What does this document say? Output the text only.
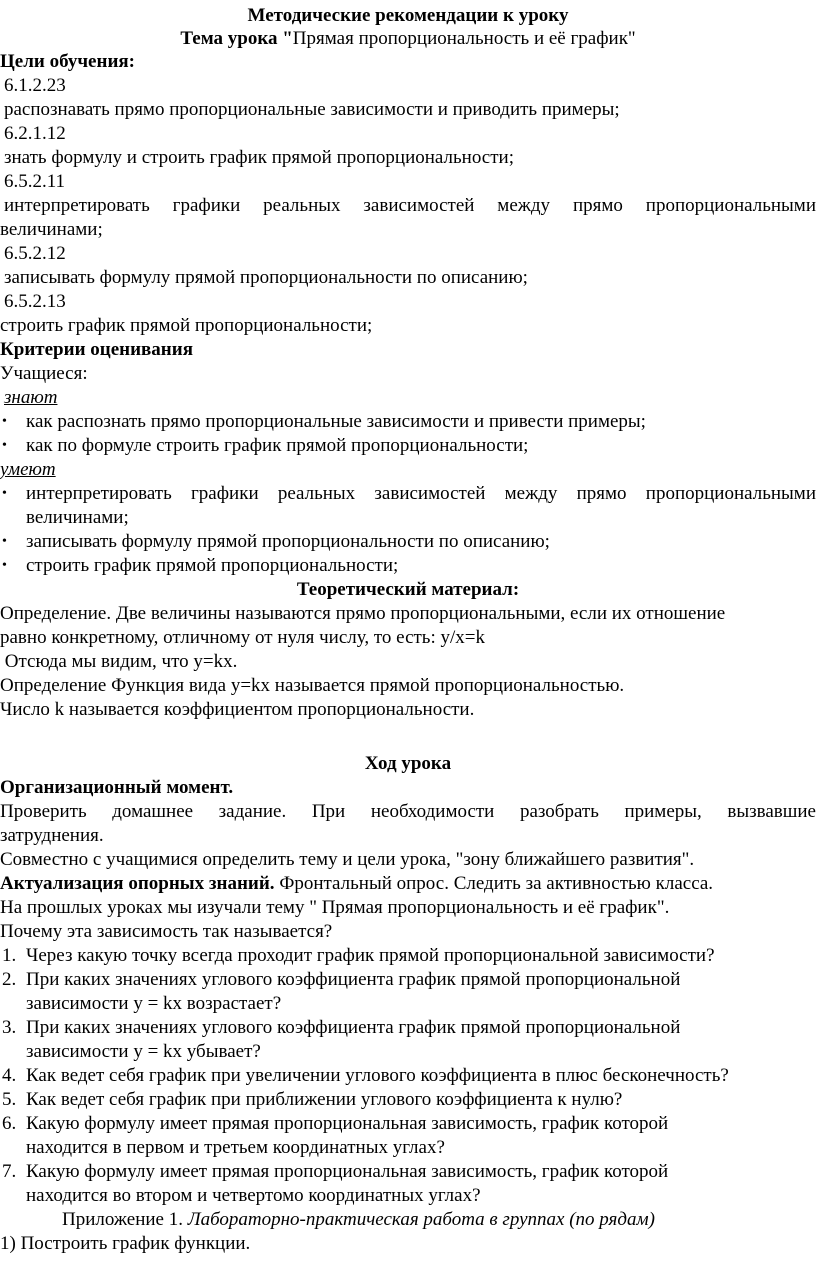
Методические рекомендации к уроку
Тема урока "Прямая пропорциональность и её график"
Цели обучения:
6.1.2.23
распознавать прямо пропорциональные зависимости и приводить примеры;
6.2.1.12
знать формулу и строить график прямой пропорциональности;
6.5.2.11
интерпретировать графики реальных зависимостей между прямо пропорциональными
величинами;
6.5.2.12
записывать формулу прямой пропорциональности по описанию;
6.5.2.13
строить график прямой пропорциональности;
Критерии оценивания
Учащиеся:
знают
• как распознать прямо пропорциональные зависимости и привести примеры;
• как по формуле строить график прямой пропорциональности;
умеют
• интерпретировать графики реальных зависимостей между прямо пропорциональными
величинами;
• записывать формулу прямой пропорциональности по описанию;
• строить график прямой пропорциональности;
Теоретический материал:
Определение. Две величины называются прямо пропорциональными, если их отношение
равно конкретному, отличному от нуля числу, то есть: y/x=k
Отсюда мы видим, что y=kx.
Определение Функция вида y=kx называется прямой пропорциональностью.
Число k называется коэффициентом пропорциональности.
Ход урока
Организационный момент.
Проверить домашнее задание. При необходимости разобрать примеры, вызвавшие
затруднения.
Совместно с учащимися определить тему и цели урока, "зону ближайшего развития".
Актуализация опорных знаний. Фронтальный опрос. Следить за активностью класса.
На прошлых уроках мы изучали тему " Прямая пропорциональность и её график".
Почему эта зависимость так называется?
1. Через какую точку всегда проходит график прямой пропорциональной зависимости?
2. При каких значениях углового коэффициента график прямой пропорциональной
зависимости y = kx возрастает?
3. При каких значениях углового коэффициента график прямой пропорциональной
зависимости y = kx убывает?
4. Как ведет себя график при увеличении углового коэффициента в плюс бесконечность?
5. Как ведет себя график при приближении углового коэффициента к нулю?
6. Какую формулу имеет прямая пропорциональная зависимость, график которой
находится в первом и третьем координатных углах?
7. Какую формулу имеет прямая пропорциональная зависимость, график которой
находится во втором и четвертомо координатных углах?
Приложение 1. Лабораторно-практическая работа в группах (по рядам)
1) Построить график функции.
